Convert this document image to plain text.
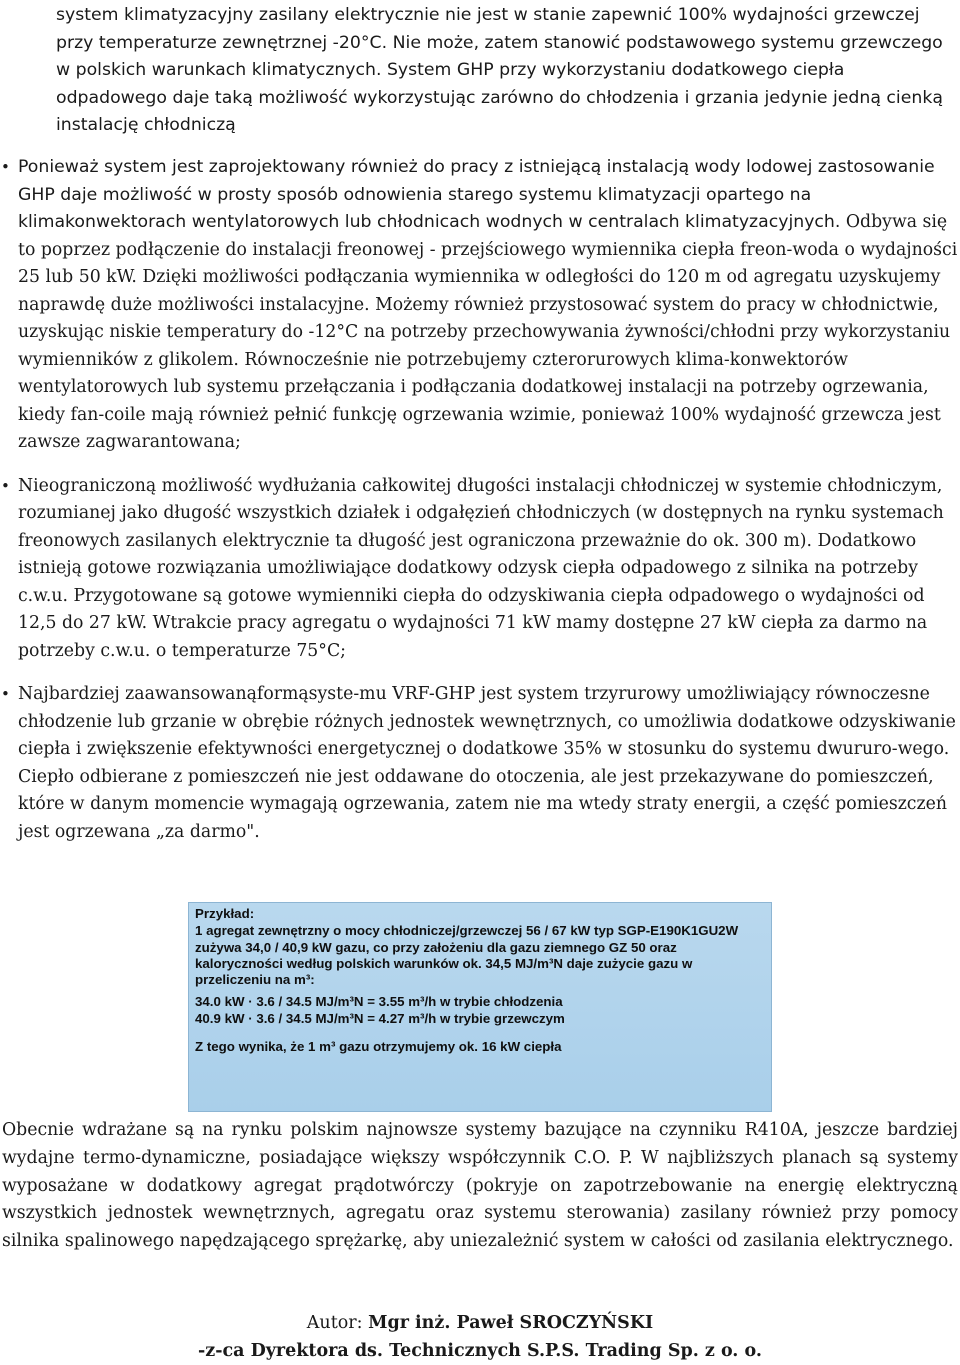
system klimatyzacyjny zasilany elektrycznie nie jest w stanie zapewnić 100% wydajności grzewczej przy temperaturze zewnętrznej -20°C. Nie może, zatem stanowić podstawowego systemu grzewczego w polskich warunkach klimatycznych. System GHP przy wykorzystaniu dodatkowego ciepła odpadowego daje taką możliwość wykorzystując zarówno do chłodzenia i grzania jedynie jedną cienką instalację chłodniczą

• Ponieważ system jest zaprojektowany również do pracy z istniejącą instalacją wody lodowej zastosowanie GHP daje możliwość w prosty sposób odnowienia starego systemu klimatyzacji opartego na klimakonwektorach wentylatorowych lub chłodnicach wodnych w centralach klimatyzacyjnych. Odbywa się to poprzez podłączenie do instalacji freonowej - przejściowego wymiennika ciepła freon-woda o wydajności 25 lub 50 kW. Dzięki możliwości podłączania wymiennika w odległości do 120 m od agregatu uzyskujemy naprawdę duże możliwości instalacyjne. Możemy również przystosować system do pracy w chłodnictwie, uzyskując niskie temperatury do -12°C na potrzeby przechowywania żywności/chłodni przy wykorzystaniu wymienników z glikolem. Równocześnie nie potrzebujemy czterorurowych klima-konwektorów wentylatorowych lub systemu przełączania i podłączania dodatkowej instalacji na potrzeby ogrzewania, kiedy fan-coile mają również pełnić funkcję ogrzewania wzimie, ponieważ 100% wydajność grzewcza jest zawsze zagwarantowana;
• Nieograniczoną możliwość wydłużania całkowitej długości instalacji chłodniczej w systemie chłodniczym, rozumianej jako długość wszystkich działek i odgałęzień chłodniczych (w dostępnych na rynku systemach freonowych zasilanych elektrycznie ta długość jest ograniczona przeważnie do ok. 300 m). Dodatkowo istnieją gotowe rozwiązania umożliwiające dodatkowy odzysk ciepła odpadowego z silnika na potrzeby c.w.u. Przygotowane są gotowe wymienniki ciepła do odzyskiwania ciepła odpadowego o wydajności od 12,5 do 27 kW. Wtrakcie pracy agregatu o wydajności 71 kW mamy dostępne 27 kW ciepła za darmo na potrzeby c.w.u. o temperaturze 75°C;
• Najbardziej zaawansowanąformąsyste-mu VRF-GHP jest system trzyrurowy umożliwiający równoczesne chłodzenie lub grzanie w obrębie różnych jednostek wewnętrznych, co umożliwia dodatkowe odzyskiwanie ciepła i zwiększenie efektywności energetycznej o dodatkowe 35% w stosunku do systemu dwururo-wego. Ciepło odbierane z pomieszczeń nie jest oddawane do otoczenia, ale jest przekazywane do pomieszczeń, które w danym momencie wymagają ogrzewania, zatem nie ma wtedy straty energii, a część pomieszczeń jest ogrzewana „za darmo".
Przykład:
1 agregat zewnętrzny o mocy chłodniczej/grzewczej 56 / 67 kW typ SGP-E190K1GU2W zużywa 34,0 / 40,9 kW gazu, co przy założeniu dla gazu ziemnego GZ 50 oraz kaloryczności według polskich warunków ok. 34,5 MJ/m³N daje zużycie gazu w przeliczeniu na m³:
34.0 kW · 3.6 / 34.5 MJ/m³N = 3.55 m³/h w trybie chłodzenia
40.9 kW · 3.6 / 34.5 MJ/m³N = 4.27 m³/h w trybie grzewczym
Z tego wynika, że 1 m³ gazu otrzymujemy ok. 16 kW ciepła

Obecnie wdrażane są na rynku polskim najnowsze systemy bazujące na czynniku R410A, jeszcze bardziej wydajne termo-dynamiczne, posiadające większy współczynnik C.O. P. W najbliższych planach są systemy wyposażane w dodatkowy agregat prądotwórczy (pokryje on zapotrzebowanie na energię elektryczną wszystkich jednostek wewnętrznych, agregatu oraz systemu sterowania) zasilany również przy pomocy silnika spalinowego napędzającego sprężarkę, aby uniezależnić system w całości od zasilania elektrycznego.

Autor: Mgr inż. Paweł SROCZYŃSKI
-z-ca Dyrektora ds. Technicznych S.P.S. Trading Sp. z o. o.
